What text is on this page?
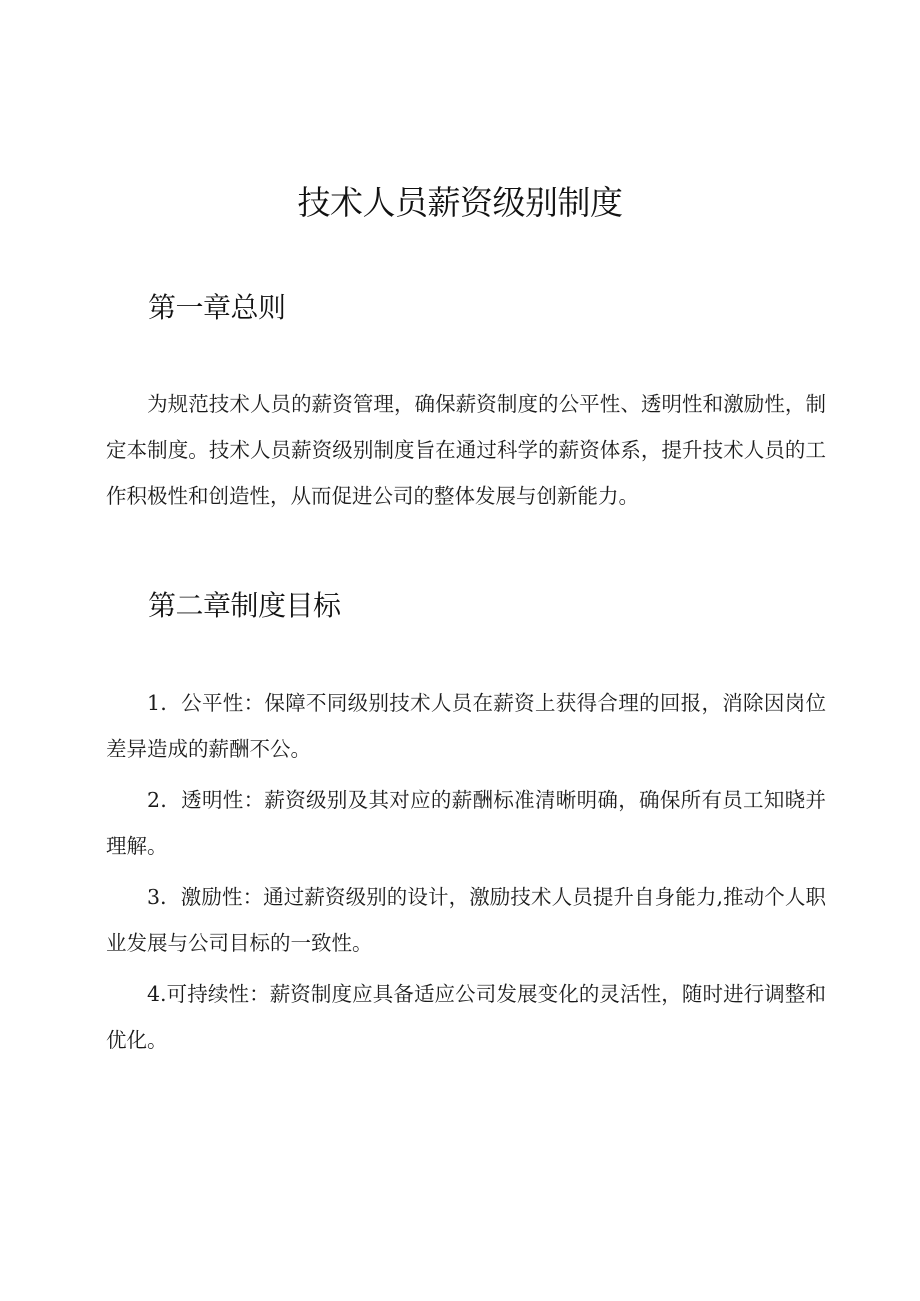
技术人员薪资级别制度
第一章总则

为规范技术人员的薪资管理，确保薪资制度的公平性、透明性和激励性，制定本制度。技术人员薪资级别制度旨在通过科学的薪资体系，提升技术人员的工作积极性和创造性，从而促进公司的整体发展与创新能力。

第二章制度目标

1．公平性：保障不同级别技术人员在薪资上获得合理的回报，消除因岗位差异造成的薪酬不公。

2．透明性：薪资级别及其对应的薪酬标准清晰明确，确保所有员工知晓并理解。

3．激励性：通过薪资级别的设计，激励技术人员提升自身能力,推动个人职业发展与公司目标的一致性。

4.可持续性：薪资制度应具备适应公司发展变化的灵活性，随时进行调整和优化。
